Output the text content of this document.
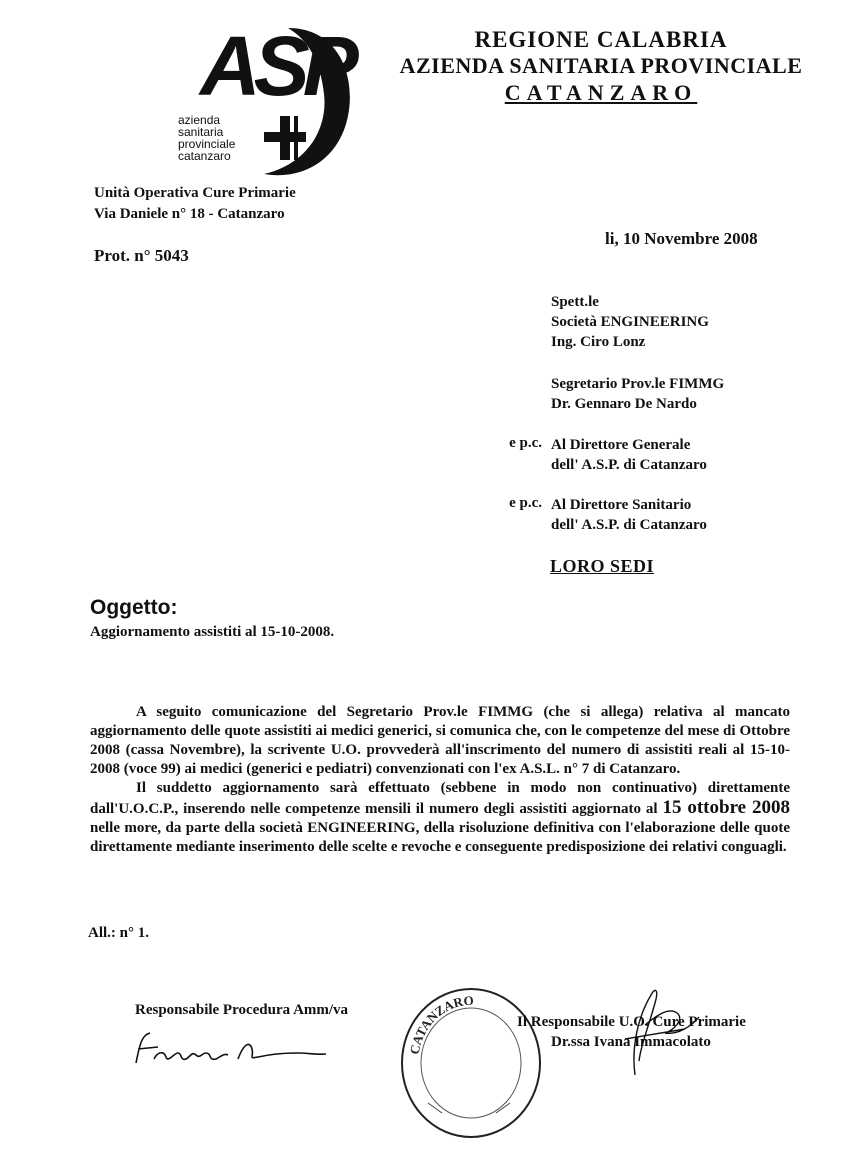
ASP
azienda
sanitaria
provinciale
catanzaro
REGIONE CALABRIA
AZIENDA SANITARIA PROVINCIALE
CATANZARO
Unità Operativa Cure Primarie
Via Daniele n° 18 - Catanzaro
Prot. n° 5043
li, 10 Novembre 2008
Spett.le
Società ENGINEERING
Ing. Ciro Lonz
Segretario Prov.le FIMMG
Dr. Gennaro De Nardo
e p.c. Al Direttore Generale
dell' A.S.P. di Catanzaro
e p.c. Al Direttore Sanitario
dell' A.S.P. di Catanzaro
LORO SEDI
Oggetto:
Aggiornamento assistiti al 15-10-2008.

A seguito comunicazione del Segretario Prov.le FIMMG (che si allega) relativa al mancato aggiornamento delle quote assistiti ai medici generici, si comunica che, con le competenze del mese di Ottobre 2008 (cassa Novembre), la scrivente U.O. provvederà all'inscrimento del numero di assistiti reali al 15-10-2008 (voce 99) ai medici (generici e pediatri) convenzionati con l'ex A.S.L. n° 7 di Catanzaro.

Il suddetto aggiornamento sarà effettuato (sebbene in modo non continuativo) direttamente dall'U.O.C.P., inserendo nelle competenze mensili il numero degli assistiti aggiornato al 15 ottobre 2008 nelle more, da parte della società ENGINEERING, della risoluzione definitiva con l'elaborazione delle quote direttamente mediante inserimento delle scelte e revoche e conseguente predisposizione dei relativi conguagli.

All.: n° 1.
Responsabile Procedura Amm/va
CATANZARO
Il Responsabile U.O. Cure Primarie
Dr.ssa Ivana Immacolato
